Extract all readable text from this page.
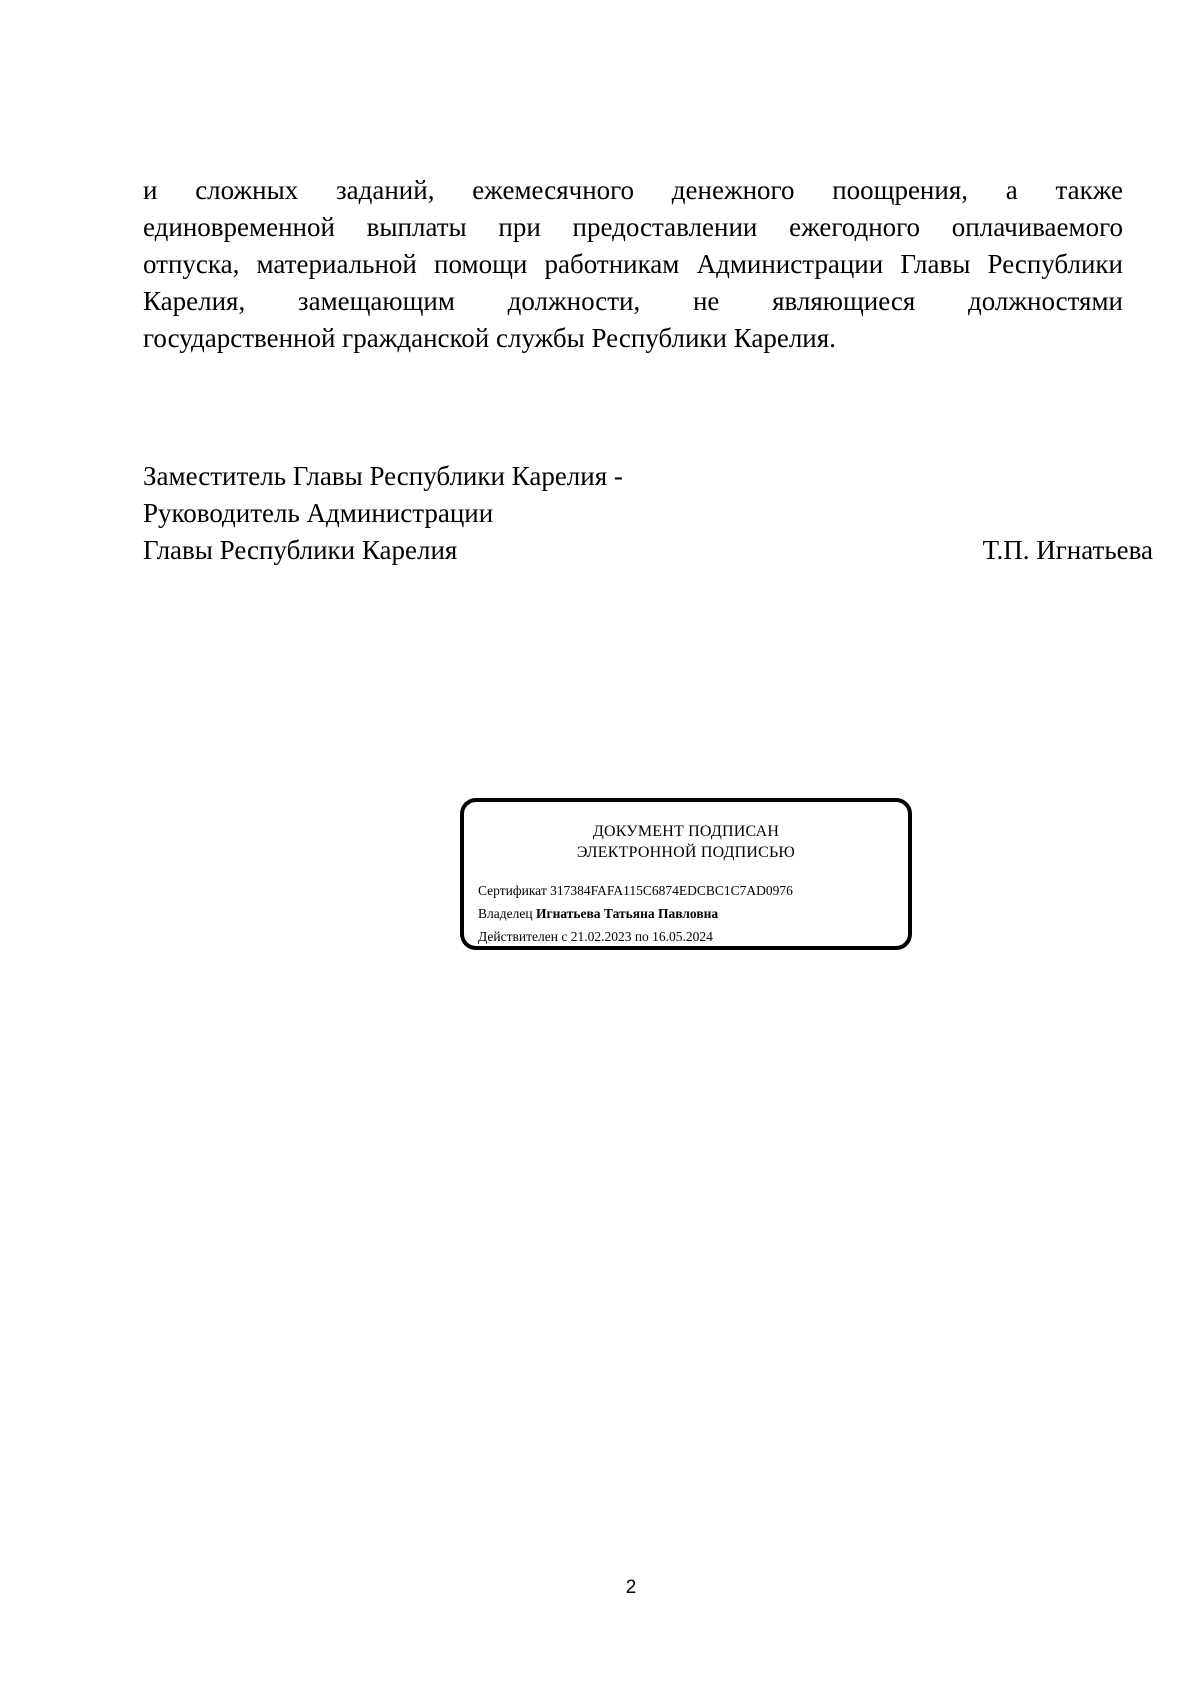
и сложных заданий, ежемесячного денежного поощрения, а также
единовременной выплаты при предоставлении ежегодного оплачиваемого
отпуска, материальной помощи работникам Администрации Главы Республики
Карелия, замещающим должности, не являющиеся должностями
государственной гражданской службы Республики Карелия.
Заместитель Главы Республики Карелия -
Руководитель Администрации
Главы Республики Карелия	Т.П. Игнатьева
ДОКУМЕНТ ПОДПИСАН
ЭЛЕКТРОННОЙ ПОДПИСЬЮ
Сертификат 317384FAFA115C6874EDCBC1C7AD0976
Владелец Игнатьева Татьяна Павловна
Действителен с 21.02.2023 по 16.05.2024
2
